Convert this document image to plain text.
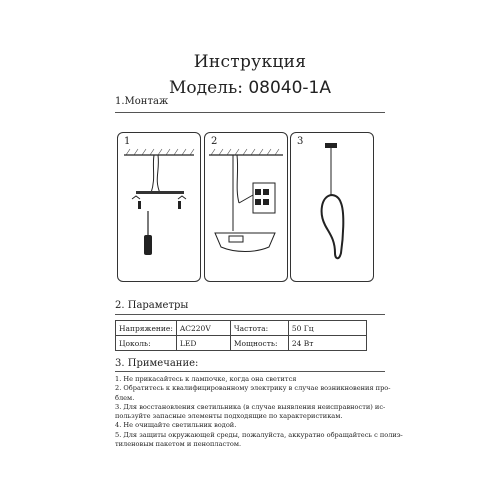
Инструкция
Модель: 08040-1A
1.Монтаж
1	2	3
2. Параметры
Напряжение:	AC220V	Частота:	50 Гц
Цоколь:	LED	Мощность:	24 Вт
3. Примечание:
1. Не прикасайтесь к лампочке, когда она светится
2. Обратитесь к квалифицированному электрику в случае возникновения про-
блем.
3. Для восстановления светильника (в случае выявления неисправности) ис-
пользуйте запасные элементы подходящие по характеристикам.
4. Не очищайте светильник водой.
5. Для защиты окружающей среды, пожалуйста, аккуратно обращайтесь с полиэ-
тиленовым пакетом и пенопластом.
